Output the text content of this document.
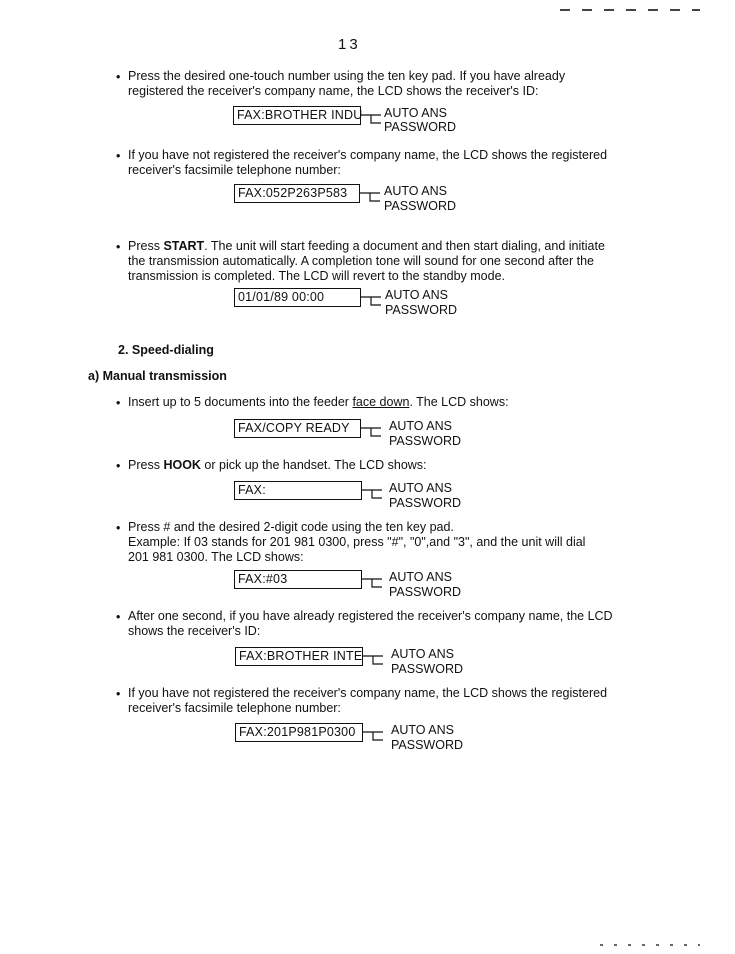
13
• Press the desired one-touch number using the ten key pad. If you have already
registered the receiver's company name, the LCD shows the receiver's ID:
FAX:BROTHER INDU AUTO ANS
PASSWORD
• If you have not registered the receiver's company name, the LCD shows the registered
receiver's facsimile telephone number:
FAX:052P263P583	AUTO ANS
PASSWORD
• Press START. The unit will start feeding a document and then start dialing, and initiate
the transmission automatically. A completion tone will sound for one second after the
transmission is completed. The LCD will revert to the standby mode.
01/01/89 00:00	AUTO ANS
PASSWORD
2. Speed-dialing
a) Manual transmission
• Insert up to 5 documents into the feeder face down. The LCD shows:
FAX/COPY READY	AUTO ANS
PASSWORD
• Press HOOK or pick up the handset. The LCD shows:
FAX:	AUTO ANS
PASSWORD
• Press # and the desired 2-digit code using the ten key pad.
Example: If 03 stands for 201 981 0300, press "#", "0",and "3", and the unit will dial
201 981 0300. The LCD shows:
FAX:#03	AUTO ANS
PASSWORD
• After one second, if you have already registered the receiver's company name, the LCD
shows the receiver's ID:
FAX:BROTHER INTE AUTO ANS
PASSWORD
• If you have not registered the receiver's company name, the LCD shows the registered
receiver's facsimile telephone number:
FAX:201P981P0300	AUTO ANS
PASSWORD
